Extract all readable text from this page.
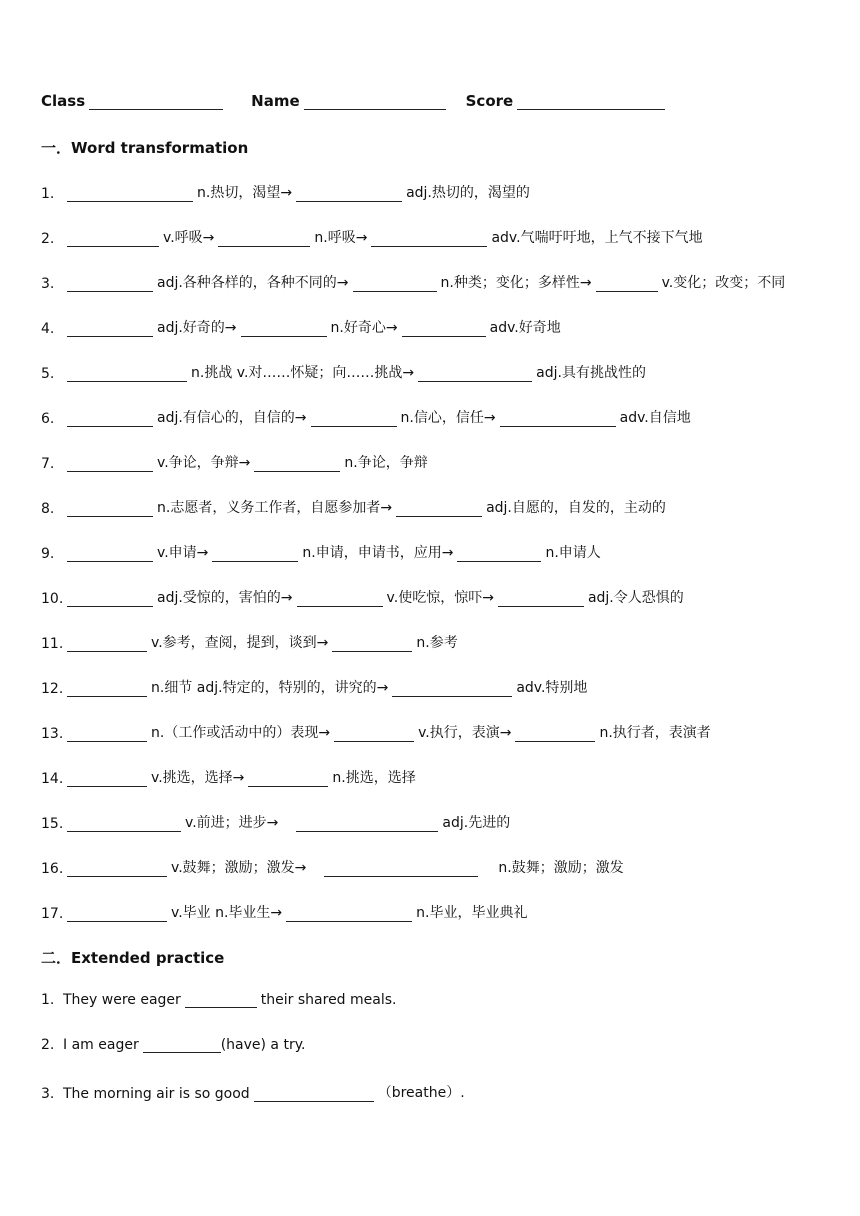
Class	Name	Score
一．Word transformation
1.	n.热切，渴望→	adj.热切的，渴望的
2.	v.呼吸→	n.呼吸→	adv.气喘吁吁地，上气不接下气地
3.	adj.各种各样的，各种不同的→	n.种类；变化；多样性→	v.变化；改变；不同
4.	adj.好奇的→	n.好奇心→	adv.好奇地
5.	n.挑战 v.对……怀疑；向……挑战→	adj.具有挑战性的
6.	adj.有信心的，自信的→	n.信心，信任→	adv.自信地
7.	v.争论，争辩→	n.争论，争辩
8.	n.志愿者，义务工作者，自愿参加者→	adj.自愿的，自发的，主动的
9.	v.申请→	n.申请，申请书，应用→	n.申请人
10.	adj.受惊的，害怕的→	v.使吃惊，惊吓→	adj.令人恐惧的
11.	v.参考，查阅，提到，谈到→	n.参考
12.	n.细节 adj.特定的，特别的，讲究的→	adv.特别地
13.	n.（工作或活动中的）表现→	v.执行，表演→	n.执行者，表演者
14.	v.挑选，选择→	n.挑选，选择
15.	v.前进；进步→	adj.先进的
16.	v.鼓舞；激励；激发→	n.鼓舞；激励；激发
17.	v.毕业 n.毕业生→	n.毕业，毕业典礼
二．Extended practice
1. They were eager	their shared meals.
2. I am eager	(have) a try.
3. The morning air is so good	（breathe）.
